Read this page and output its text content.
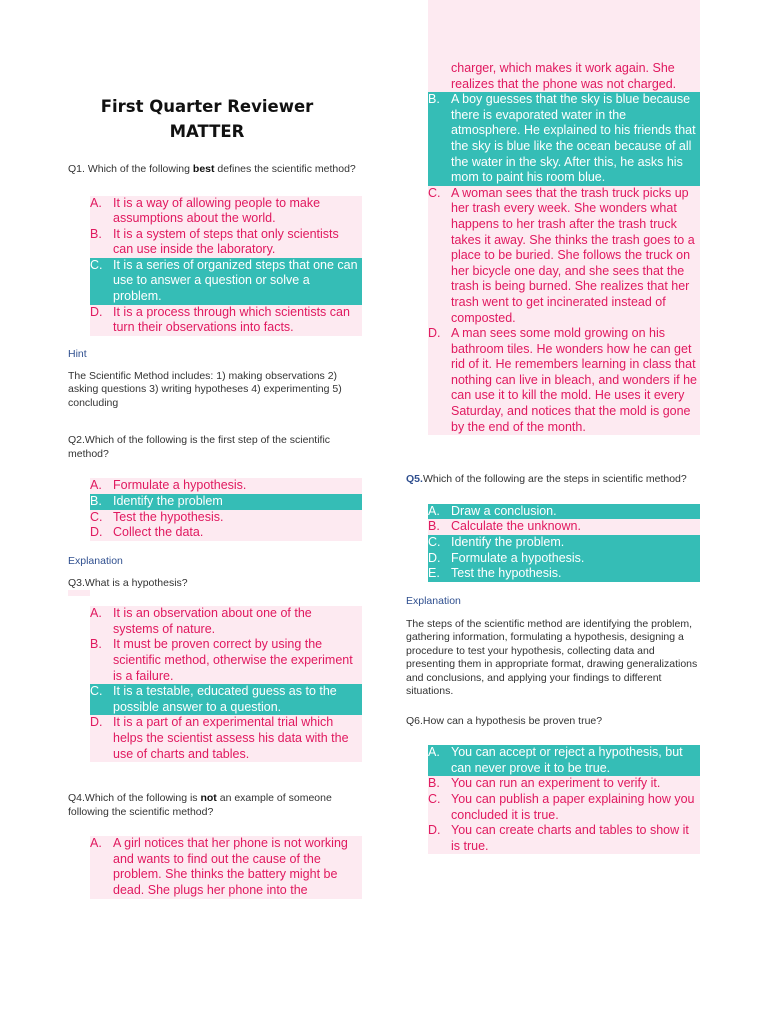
First Quarter Reviewer
MATTER
Q1. Which of the following best defines the scientific method?
A. It is a way of allowing people to make assumptions about the world.
B. It is a system of steps that only scientists can use inside the laboratory.
C. It is a series of organized steps that one can use to answer a question or solve a problem.
D. It is a process through which scientists can turn their observations into facts.
Hint
The Scientific Method includes: 1) making observations 2) asking questions 3) writing hypotheses 4) experimenting 5) concluding
Q2.Which of the following is the first step of the scientific method?
A. Formulate a hypothesis.
B. Identify the problem
C. Test the hypothesis.
D. Collect the data.
Explanation
Q3.What is a hypothesis?
A. It is an observation about one of the systems of nature.
B. It must be proven correct by using the scientific method, otherwise the experiment is a failure.
C. It is a testable, educated guess as to the possible answer to a question.
D. It is a part of an experimental trial which helps the scientist assess his data with the use of charts and tables.
Q4.Which of the following is not an example of someone following the scientific method?
A. A girl notices that her phone is not working and wants to find out the cause of the problem. She thinks the battery might be dead. She plugs her phone into the
charger, which makes it work again. She realizes that the phone was not charged.
B. A boy guesses that the sky is blue because there is evaporated water in the atmosphere. He explained to his friends that the sky is blue like the ocean because of all the water in the sky. After this, he asks his mom to paint his room blue.
C. A woman sees that the trash truck picks up her trash every week. She wonders what happens to her trash after the trash truck takes it away. She thinks the trash goes to a place to be buried. She follows the truck on her bicycle one day, and she sees that the trash is being burned. She realizes that her trash went to get incinerated instead of composted.
D. A man sees some mold growing on his bathroom tiles. He wonders how he can get rid of it. He remembers learning in class that nothing can live in bleach, and wonders if he can use it to kill the mold. He uses it every Saturday, and notices that the mold is gone by the end of the month.
Q5.Which of the following are the steps in scientific method?
A. Draw a conclusion.
B. Calculate the unknown.
C. Identify the problem.
D. Formulate a hypothesis.
E. Test the hypothesis.
Explanation
The steps of the scientific method are identifying the problem, gathering information, formulating a hypothesis, designing a procedure to test your hypothesis, collecting data and presenting them in appropriate format, drawing generalizations and conclusions, and applying your findings to different situations.
Q6.How can a hypothesis be proven true?
A. You can accept or reject a hypothesis, but can never prove it to be true.
B. You can run an experiment to verify it.
C. You can publish a paper explaining how you concluded it is true.
D. You can create charts and tables to show it is true.
